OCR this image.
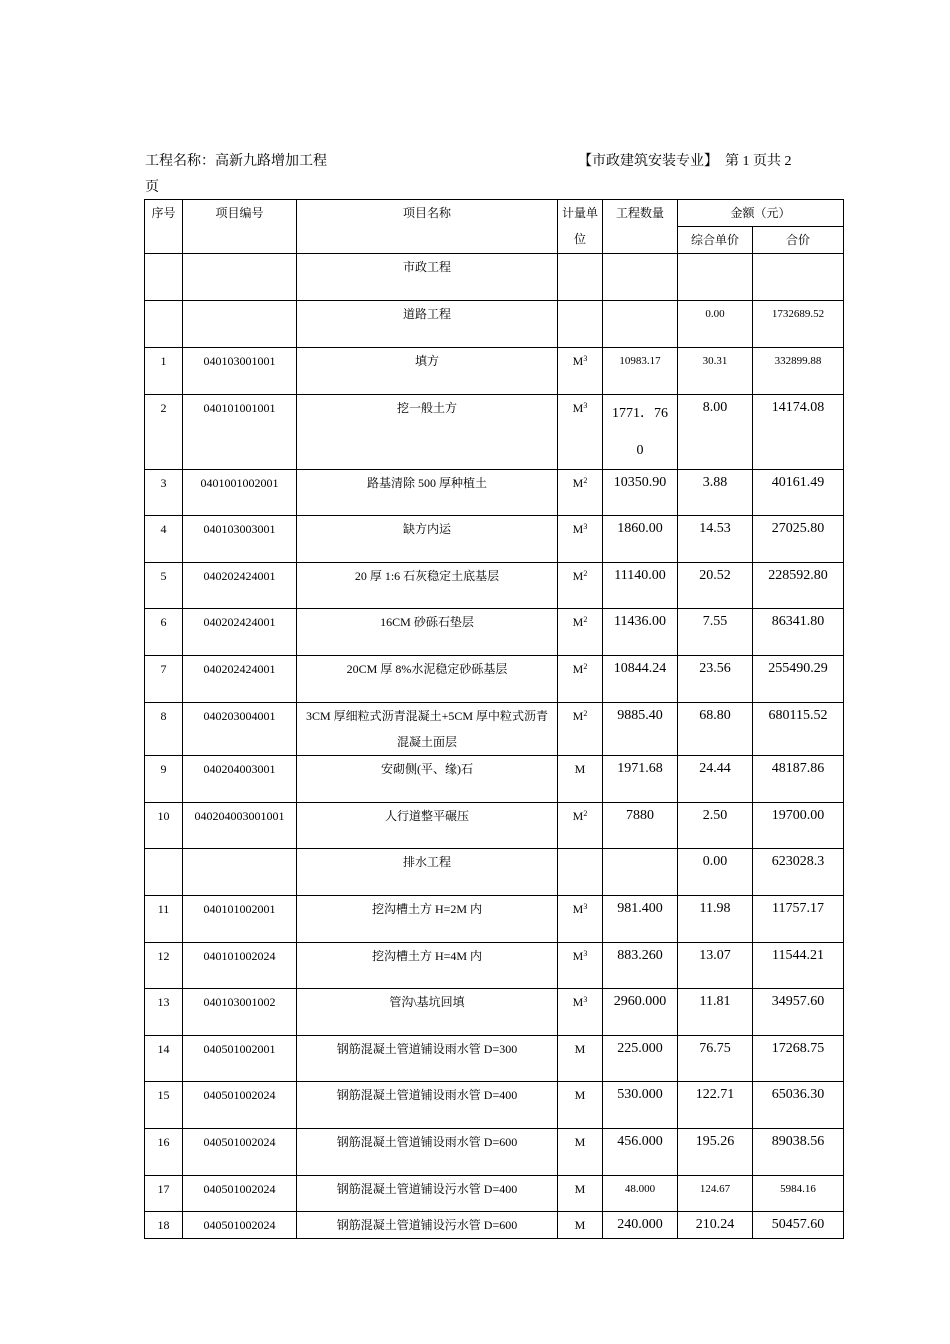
工程名称：高新九路增加工程	【市政建筑安装专业】　第 1 页共 2
页
序号	项目编号	项目名称	计量单位	工程数量	金额（元）	
					综合单价	合价
		市政工程				
		道路工程			0.00	1732689.52
1	040103001001	填方	$M^3$	10983.17	30.31	332899.88
2	040101001001	挖一般土方	$M^3$	1771．760	8.00	14174.08
3	0401001002001	路基清除 500 厚种植土	$M^2$	10350.90	3.88	40161.49
4	040103003001	缺方内运	$M^3$	1860.00	14.53	27025.80
5	040202424001	20 厚 1:6 石灰稳定土底基层	$M^2$	11140.00	20.52	228592.80
6	040202424001	16CM 砂砾石垫层	$M^2$	11436.00	7.55	86341.80
7	040202424001	20CM 厚 8%水泥稳定砂砾基层	$M^2$	10844.24	23.56	255490.29
8	040203004001	3CM 厚细粒式沥青混凝土+5CM 厚中粒式沥青混凝土面层	$M^2$	9885.40	68.80	680115.52
9	040204003001	安砌侧(平、缘)石	M	1971.68	24.44	48187.86
10	040204003001001	人行道整平碾压	$M^2$	7880	2.50	19700.00
		排水工程			0.00	623028.3
11	040101002001	挖沟槽土方 H=2M 内	$M^3$	981.400	11.98	11757.17
12	040101002024	挖沟槽土方 H=4M 内	$M^3$	883.260	13.07	11544.21
13	040103001002	管沟\基坑回填	$M^3$	2960.000	11.81	34957.60
14	040501002001	钢筋混凝土管道铺设雨水管 D=300	M	225.000	76.75	17268.75
15	040501002024	钢筋混凝土管道铺设雨水管 D=400	M	530.000	122.71	65036.30
16	040501002024	钢筋混凝土管道铺设雨水管 D=600	M	456.000	195.26	89038.56
17	040501002024	钢筋混凝土管道铺设污水管 D=400	M	48.000	124.67	5984.16
18	040501002024	钢筋混凝土管道铺设污水管 D=600	M	240.000	210.24	50457.60
